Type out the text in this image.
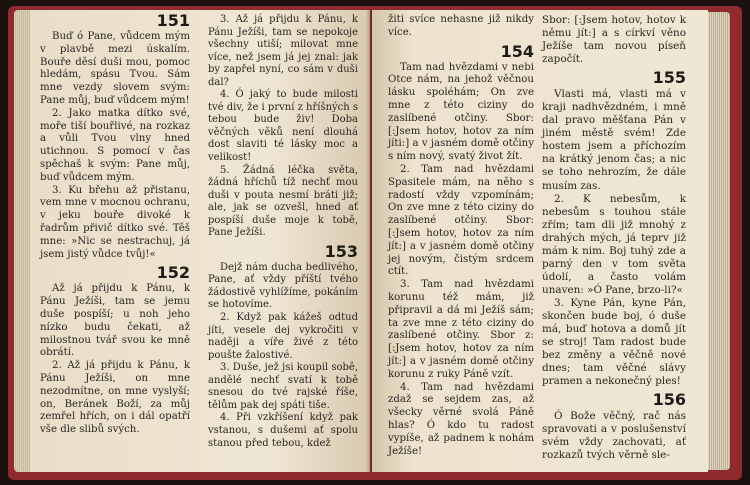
151

Buď ó Pane, vůdcem mým v plavbě mezi úskalím. Bouře děsí duši mou, pomoc hledám, spásu Tvou. Sám mne vezdy slovem svým: Pane můj, buď vůdcem mým!

2. Jako matka dítko své, moře tiší bouřlivé, na rozkaz a vůli Tvou vlny hned utichnou. S pomocí v čas spěchaš k svým: Pane můj, buď vůdcem mým.

3. Ku břehu až přistanu, vem mne v mocnou ochranu, v jeku bouře divoké k řadrům přivič dítko své. Těš mne: »Nic se nestrachuj, já jsem jistý vůdce tvůj!«

152

Až já přijdu k Pánu, k Pánu Ježíši, tam se jemu duše pospíší; u noh jeho nízko budu čekati, až milostnou tvář svou ke mně obrátí.

2. Až já přijdu k Pánu, k Pánu Ježíši, on mne nezodmítne, on mne vyslyší; on, Beránek Boží, za můj zemřel hřích, on i dál opatří vše dle slibů svých.

3. Až já přijdu k Pánu, k Pánu Ježíši, tam se nepokoje všechny utiší; milovat mne více, než jsem já jej znal: jak by zapřel nyní, co sám v duši dal?

4. Ó jaký to bude milosti tvé div, že i první z hříšných s tebou bude živ! Doba věčných věků není dlouhá dost slaviti té lásky moc a velikost!

5. Žádná léčka světa, žádná hříchů tíž nechť mou duši v pouta nesmí bráti již; ale, jak se ozvešl, hned ať pospíší duše moje k tobě, Pane Ježíši.

153

Dejž nám ducha bedlivého, Pane, ať vždy příští tvého žádostivě vyhlížíme, pokáním se hotovíme.

2. Když pak kážeš odtud jíti, vesele dej vykročiti v naději a víře živé z této poušte žalostivé.

3. Duše, jež jsi koupil sobě, andělé nechť svatí k tobě snesou do tvé rajské říše, tělům pak dej spáti tiše.

4. Při vzkříšení když pak vstanou, s dušemi ať spolu stanou před tebou, kdež

žiti svíce nehasne již nikdy více.

154

Tam nad hvězdami v nebi Otce nám, na jehož věčnou lásku spoléhám; On zve mne z této ciziny do zaslíbené otčiny. Sbor: [:Jsem hotov, hotov za ním jíti:] a v jasném domě otčiny s ním nový, svatý život žít.

2. Tam nad hvězdami Spasitele mám, na něho s radostí vždy vzpomínám; On zve mne z této ciziny do zaslíbené otčiny. Sbor: [:Jsem hotov, hotov za ním jít:] a v jasném domě otčiny jej novým, čistým srdcem ctít.

3. Tam nad hvězdami korunu též mám, již připravil a dá mi Ježíš sám; ta zve mne z této ciziny do zaslíbené otčiny. Sbor z: [:Jsem hotov, hotov za ním jít:] a v jasném domě otčiny korunu z ruky Páně vzít.

4. Tam nad hvězdami zdaž se sejdem zas, až všecky věrné svolá Páně hlas? Ó kdo tu radost vypíše, až padnem k nohám Ježíše!

Sbor: [:Jsem hotov, hotov k němu jít:] a s církví věno Ježíše tam novou píseň započít.

155

Vlasti má, vlasti má v kraji nadhvězdném, i mně dal pravo měšťana Pán v jiném městě svém! Zde hostem jsem a příchozím na krátký jenom čas; a nic se toho nehrozím, že dále musím zas.

2. K nebesům, k nebesům s touhou stále zřím; tam dli již mnohý z drahých mých, já teprv již mám k nim. Boj tuhý zde a parný den v tom světa údolí, a často volám unaven: »Ó Pane, brzo-li?«

3. Kyne Pán, kyne Pán, skončen bude boj, ó duše má, buď hotova a domů jít se stroj! Tam radost bude bez změny a věčně nové dnes; tam věčné slávy pramen a nekonečný ples!

156

Ó Bože věčný, rač nás spravovati a v poslušenství svém vždy zachovati, ať rozkazů tvých věrně sle-
